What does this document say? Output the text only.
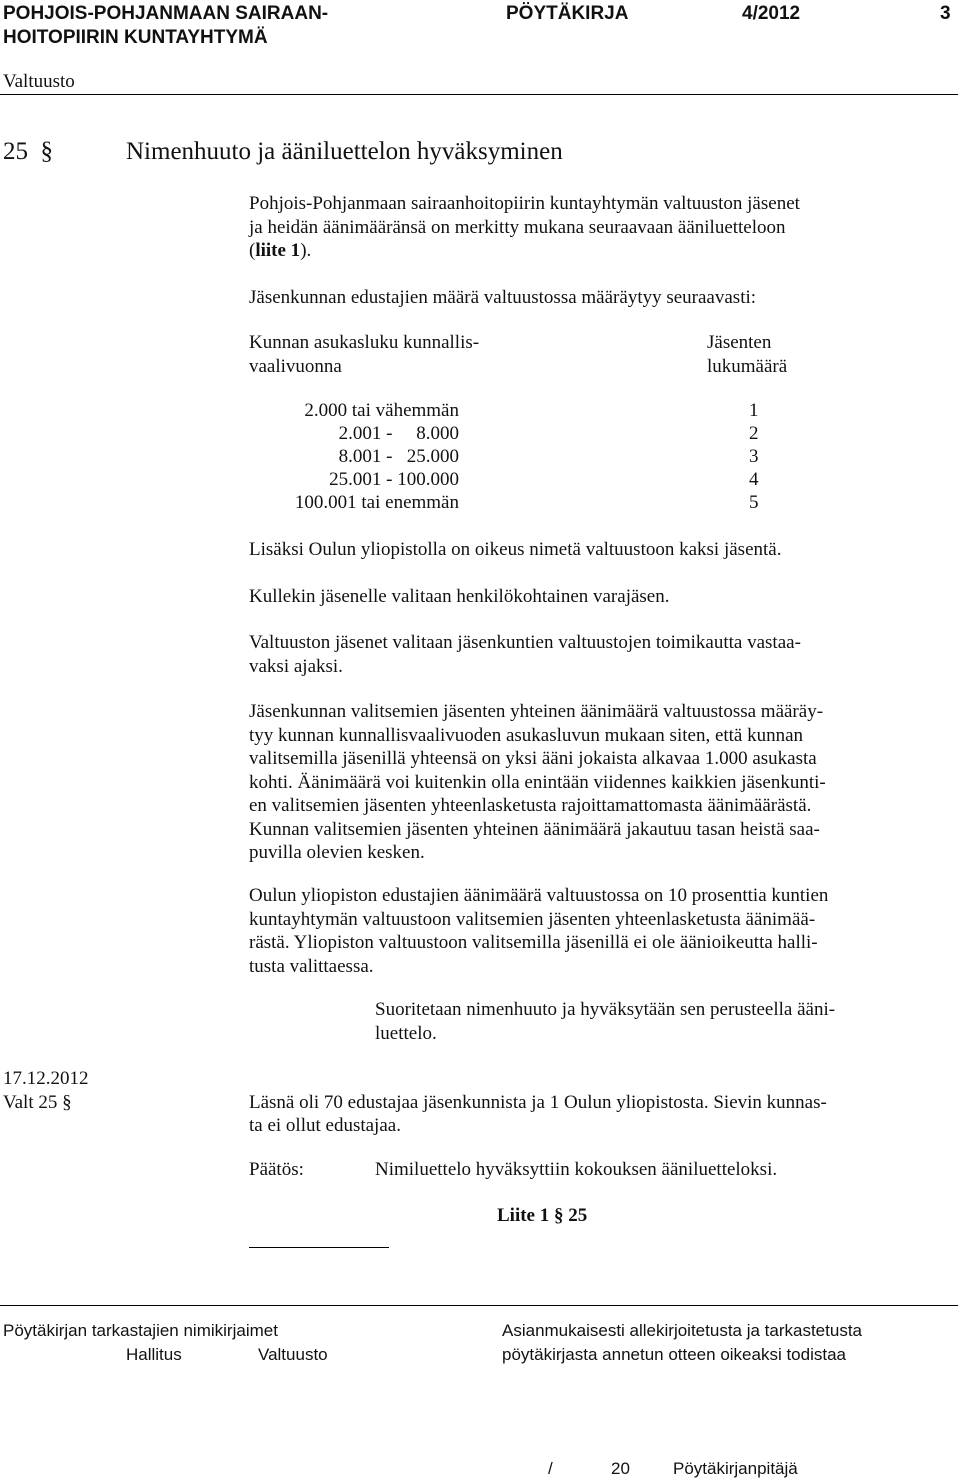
POHJOIS-POHJANMAAN SAIRAAN-
HOITOPIIRIN KUNTAYHTYMÄ
PÖYTÄKIRJA	4/2012	3
Valtuusto
25 §	Nimenhuuto ja ääniluettelon hyväksyminen
Pohjois-Pohjanmaan sairaanhoitopiirin kuntayhtymän valtuuston jäsenet
ja heidän äänimääränsä on merkitty mukana seuraavaan ääniluetteloon
(liite 1).
Jäsenkunnan edustajien määrä valtuustossa määräytyy seuraavasti:
Kunnan asukasluku kunnallis-
vaalivuonna
Jäsenten
lukumäärä
2.000 tai vähemmän	1
2.001 -     8.000	2
8.001 -   25.000	3
25.001 - 100.000	4
100.001 tai enemmän	5
Lisäksi Oulun yliopistolla on oikeus nimetä valtuustoon kaksi jäsentä.
Kullekin jäsenelle valitaan henkilökohtainen varajäsen.
Valtuuston jäsenet valitaan jäsenkuntien valtuustojen toimikautta vastaa-
vaksi ajaksi.
Jäsenkunnan valitsemien jäsenten yhteinen äänimäärä valtuustossa määräy-
tyy kunnan kunnallisvaalivuoden asukasluvun mukaan siten, että kunnan
valitsemilla jäsenillä yhteensä on yksi ääni jokaista alkavaa 1.000 asukasta
kohti. Äänimäärä voi kuitenkin olla enintään viidennes kaikkien jäsenkunti-
en valitsemien jäsenten yhteenlasketusta rajoittamattomasta äänimäärästä.
Kunnan valitsemien jäsenten yhteinen äänimäärä jakautuu tasan heistä saa-
puvilla olevien kesken.
Oulun yliopiston edustajien äänimäärä valtuustossa on 10 prosenttia kuntien
kuntayhtymän valtuustoon valitsemien jäsenten yhteenlasketusta äänimää-
rästä. Yliopiston valtuustoon valitsemilla jäsenillä ei ole äänioikeutta halli-
tusta valittaessa.
Suoritetaan nimenhuuto ja hyväksytään sen perusteella ääni-
luettelo.
17.12.2012
Valt 25 §	Läsnä oli 70 edustajaa jäsenkunnista ja 1 Oulun yliopistosta. Sievin kunnas-
ta ei ollut edustajaa.
Päätös:	Nimiluettelo hyväksyttiin kokouksen ääniluetteloksi.
Liite 1 § 25
Pöytäkirjan tarkastajien nimikirjaimet
Hallitus	Valtuusto
Asianmukaisesti allekirjoitetusta ja tarkastetusta
pöytäkirjasta annetun otteen oikeaksi todistaa
/	20	Pöytäkirjanpitäjä
